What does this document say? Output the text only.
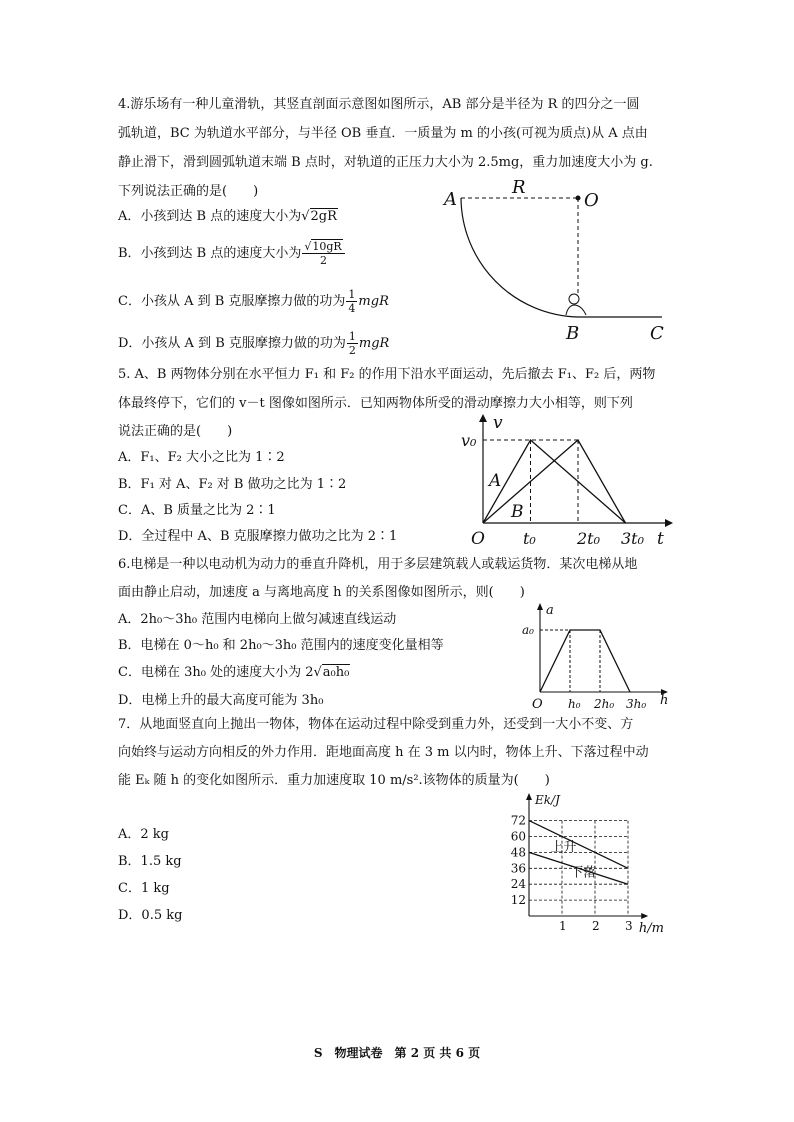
4.游乐场有一种儿童滑轨，其竖直剖面示意图如图所示，AB 部分是半径为 R 的四分之一圆
弧轨道，BC 为轨道水平部分，与半径 OB 垂直．一质量为 m 的小孩(可视为质点)从 A 点由
静止滑下，滑到圆弧轨道末端 B 点时，对轨道的正压力大小为 2.5mg，重力加速度大小为 g.
下列说法正确的是(　　)
A．小孩到达 B 点的速度大小为√2gR
B．小孩到达 B 点的速度大小为 $\frac{√10gR}{2}$
C．小孩从 A 到 B 克服摩擦力做的功为 $\frac{1}{4}$ mgR
D．小孩从 A 到 B 克服摩擦力做的功为 $\frac{1}{2}$ mgR
A
R
O
B	C
5. A、B 两物体分别在水平恒力 F₁ 和 F₂ 的作用下沿水平面运动，先后撤去 F₁、F₂ 后，两物
体最终停下，它们的 v－t 图像如图所示．已知两物体所受的滑动摩擦力大小相等，则下列
说法正确的是(　　)
A．F₁、F₂ 大小之比为 1∶2
B．F₁ 对 A、F₂ 对 B 做功之比为 1∶2
C．A、B 质量之比为 2∶1
D．全过程中 A、B 克服摩擦力做功之比为 2∶1
v
v₀
A
B
O t₀	2t₀ 3t₀ t
6.电梯是一种以电动机为动力的垂直升降机，用于多层建筑载人或载运货物．某次电梯从地
面由静止启动，加速度 a 与离地高度 h 的关系图像如图所示，则(　　)
A．2h₀～3h₀ 范围内电梯向上做匀减速直线运动
B．电梯在 0～h₀ 和 2h₀～3h₀ 范围内的速度变化量相等
C．电梯在 3h₀ 处的速度大小为 2√a₀h₀
D．电梯上升的最大高度可能为 3h₀
a
a₀
O h₀ 2h₀ 3h₀ h
7．从地面竖直向上抛出一物体，物体在运动过程中除受到重力外，还受到一大小不变、方
向始终与运动方向相反的外力作用．距地面高度 h 在 3 m 以内时，物体上升、下落过程中动
能 Eₖ 随 h 的变化如图所示．重力加速度取 10 m/s².该物体的质量为(　　)
A．2 kg
B．1.5 kg
C．1 kg
D．0.5 kg
12
24
36
48
60
72
1 2 3
Ek/J
h/m
上升
下落
S　物理试卷　第 2 页 共 6 页
